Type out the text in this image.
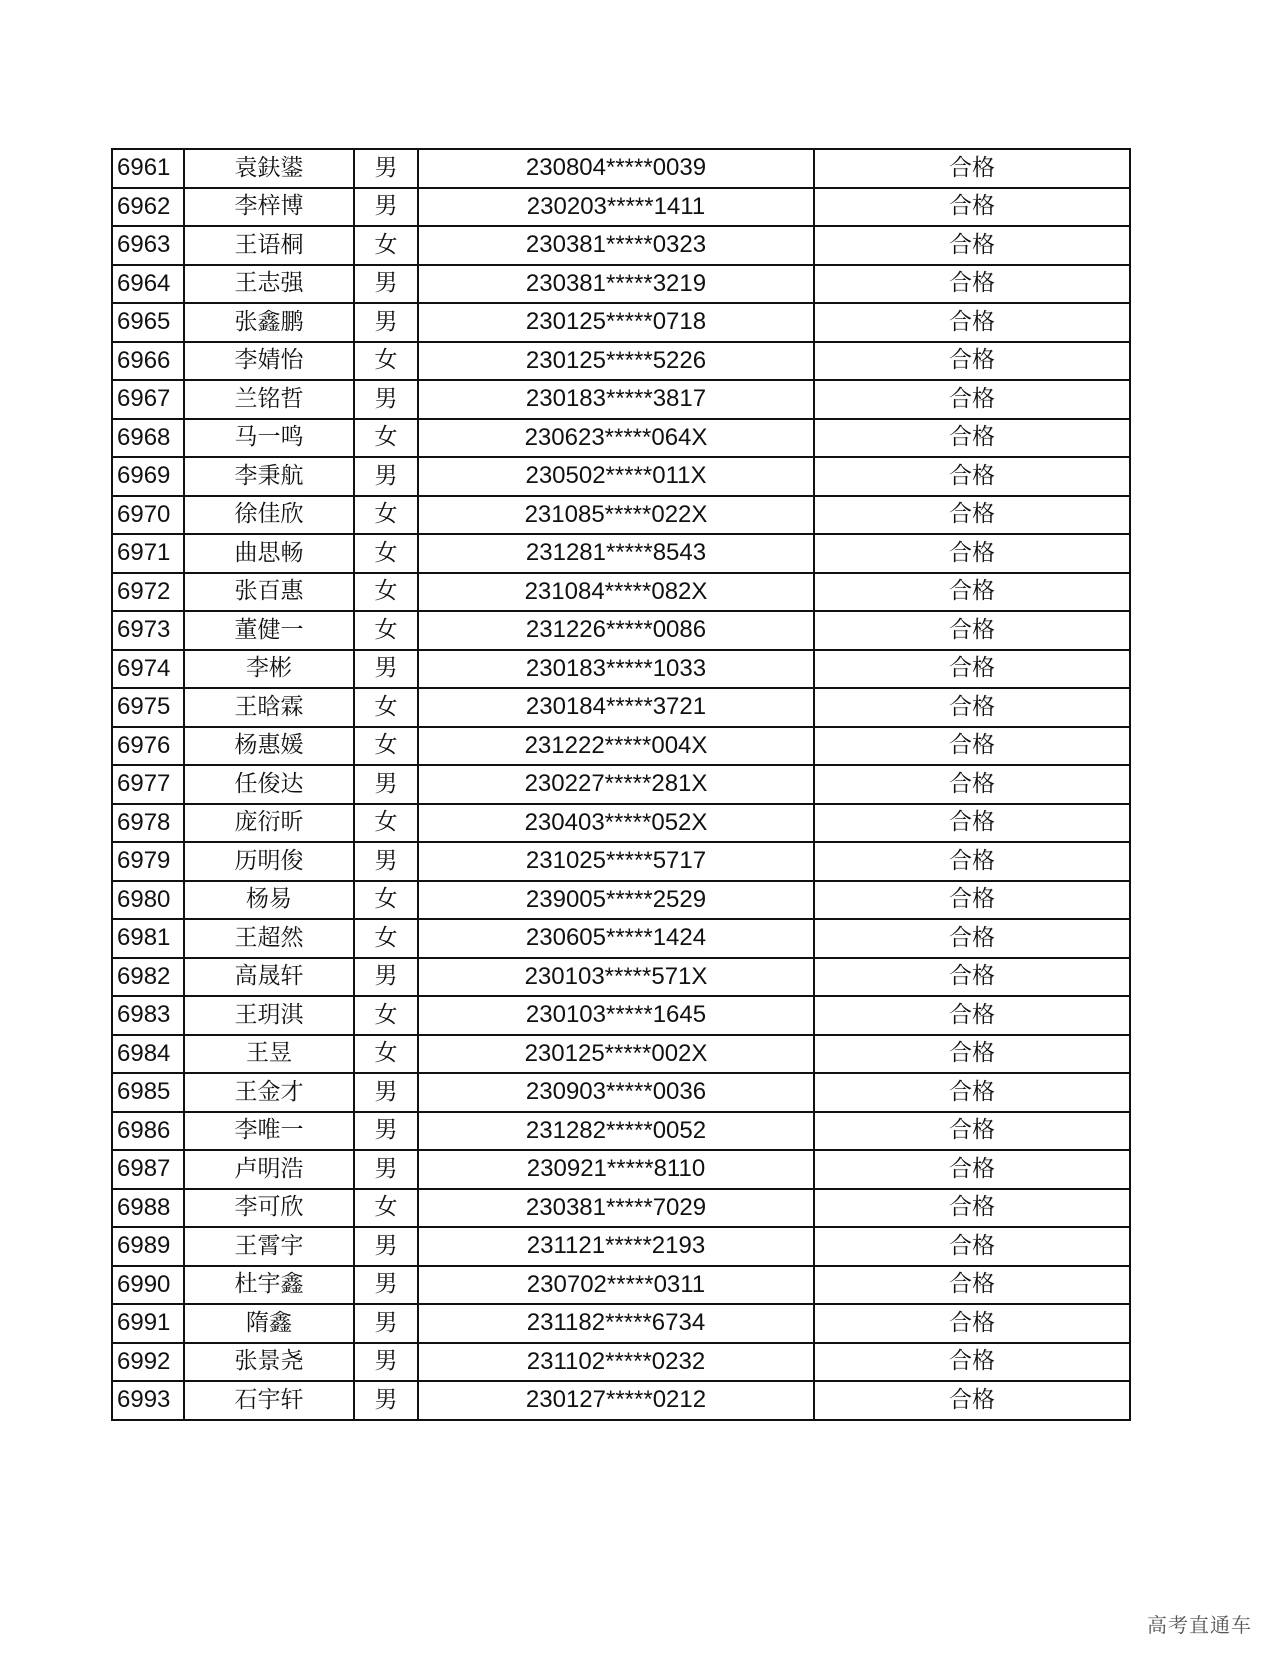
6961	袁鈇鍙	男	230804*****0039	合格
6962	李梓博	男	230203*****1411	合格
6963	王语桐	女	230381*****0323	合格
6964	王志强	男	230381*****3219	合格
6965	张鑫鹏	男	230125*****0718	合格
6966	李婧怡	女	230125*****5226	合格
6967	兰铭哲	男	230183*****3817	合格
6968	马一鸣	女	230623*****064X	合格
6969	李秉航	男	230502*****011X	合格
6970	徐佳欣	女	231085*****022X	合格
6971	曲思畅	女	231281*****8543	合格
6972	张百惠	女	231084*****082X	合格
6973	董健一	女	231226*****0086	合格
6974	李彬	男	230183*****1033	合格
6975	王晗霖	女	230184*****3721	合格
6976	杨惠媛	女	231222*****004X	合格
6977	任俊达	男	230227*****281X	合格
6978	庞衍昕	女	230403*****052X	合格
6979	历明俊	男	231025*****5717	合格
6980	杨易	女	239005*****2529	合格
6981	王超然	女	230605*****1424	合格
6982	高晟轩	男	230103*****571X	合格
6983	王玥淇	女	230103*****1645	合格
6984	王昱	女	230125*****002X	合格
6985	王金才	男	230903*****0036	合格
6986	李唯一	男	231282*****0052	合格
6987	卢明浩	男	230921*****8110	合格
6988	李可欣	女	230381*****7029	合格
6989	王霄宇	男	231121*****2193	合格
6990	杜宇鑫	男	230702*****0311	合格
6991	隋鑫	男	231182*****6734	合格
6992	张景尧	男	231102*****0232	合格
6993	石宇轩	男	230127*****0212	合格
高考直通车
